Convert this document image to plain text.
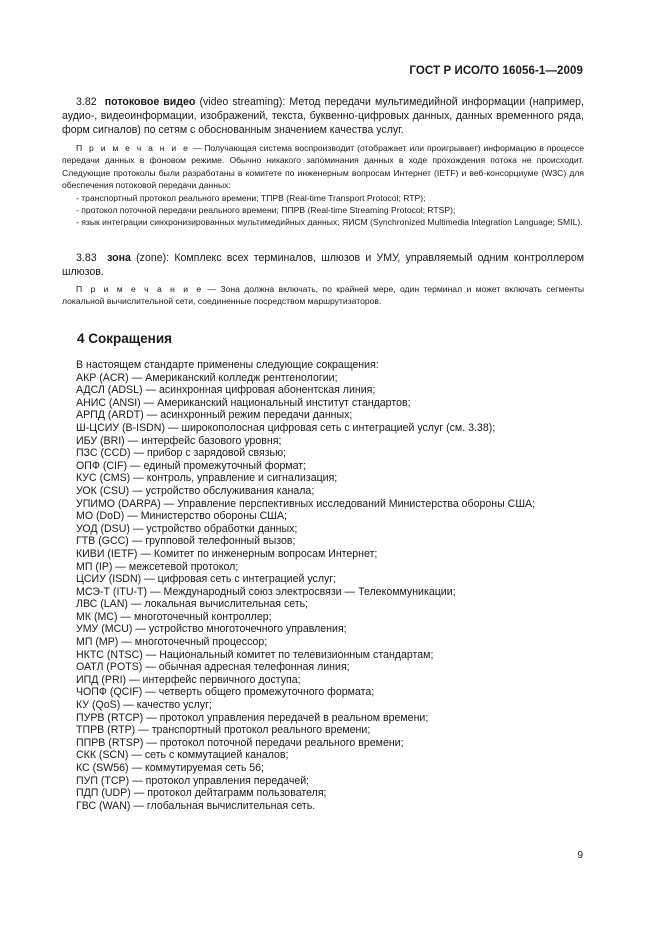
ГОСТ Р ИСО/ТО 16056-1—2009

3.82 потоковое видео (video streaming): Метод передачи мультимедийной информации (например, аудио-, видеоинформации, изображений, текста, буквенно-цифровых данных, данных временного ряда, форм сигналов) по сетям с обоснованным значением качества услуг.

П р и м е ч а н и е — Получающая система воспроизводит (отображает или проигрывает) информацию в процессе передачи данных в фоновом режиме. Обычно никакого запоминания данных в ходе прохождения потока не происходит. Следующие протоколы были разработаны в комитете по инженерным вопросам Интернет (IETF) и веб-консорциуме (W3C) для обеспечения потоковой передачи данных:

- транспортный протокол реального времени; ТПРВ (Real-time Transport Protocol; RTP);

- протокол поточной передачи реального времени; ППРВ (Real-time Streaming Protocol; RTSP);

- язык интеграции синхронизированных мультимедийных данных; ЯИСМ (Synchronized Multimedia Integration Language; SMIL).

3.83 зона (zone): Комплекс всех терминалов, шлюзов и УМУ, управляемый одним контроллером шлюзов.

П р и м е ч а н и е — Зона должна включать, по крайней мере, один терминал и может включать сегменты локальной вычислительной сети, соединенные посредством маршрутизаторов.

4 Сокращения
В настоящем стандарте применены следующие сокращения:
АКР (ACR) — Американский колледж рентгенологии;
АДСЛ (ADSL) — асинхронная цифровая абонентская линия;
АНИС (ANSI) — Американский национальный институт стандартов;
АРПД (ARDT) — асинхронный режим передачи данных;
Ш-ЦСИУ (B-ISDN) — широкополосная цифровая сеть с интеграцией услуг (см. 3.38);
ИБУ (BRI) — интерфейс базового уровня;
ПЗС (CCD) — прибор с зарядовой связью;
ОПФ (CIF) — единый промежуточный формат;
КУС (CMS) — контроль, управление и сигнализация;
УОК (CSU) — устройство обслуживания канала;
УПИМО (DARPA) — Управление перспективных исследований Министерства обороны США;
МО (DoD) — Министерство обороны США;
УОД (DSU) — устройство обработки данных;
ГТВ (GCC) — групповой телефонный вызов;
КИВИ (IETF) — Комитет по инженерным вопросам Интернет;
МП (IP) — межсетевой протокол;
ЦСИУ (ISDN) — цифровая сеть с интеграцией услуг;
МСЭ-Т (ITU-T) — Международный союз электросвязи — Телекоммуникации;
ЛВС (LAN) — локальная вычислительная сеть;
МК (MC) — многоточечный контроллер;
УМУ (MCU) — устройство многоточечного управления;
МП (MP) — многоточечный процессор;
НКТС (NTSC) — Национальный комитет по телевизионным стандартам;
ОАТЛ (POTS) — обычная адресная телефонная линия;
ИПД (PRI) — интерфейс первичного доступа;
ЧОПФ (QCIF) — четверть общего промежуточного формата;
КУ (QoS) — качество услуг;
ПУРВ (RTCP) — протокол управления передачей в реальном времени;
ТПРВ (RTP) — транспортный протокол реального времени;
ППРВ (RTSP) — протокол поточной передачи реального времени;
СКК (SCN) — сеть с коммутацией каналов;
КС (SW56) — коммутируемая сеть 56;
ПУП (TCP) — протокол управления передачей;
ПДП (UDP) — протокол дейтаграмм пользователя;
ГВС (WAN) — глобальная вычислительная сеть.
9
